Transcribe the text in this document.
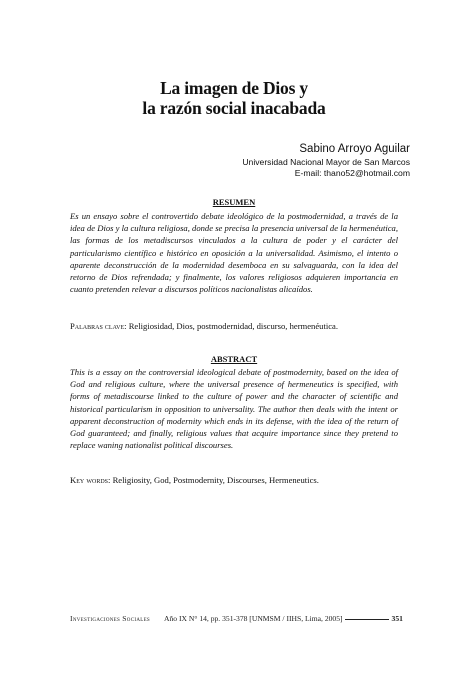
La imagen de Dios y
la razón social inacabada
Sabino Arroyo Aguilar
Universidad Nacional Mayor de San Marcos
E-mail: thano52@hotmail.com
RESUMEN

Es un ensayo sobre el controvertido debate ideológico de la postmodernidad, a través de la idea de Dios y la cultura religiosa, donde se precisa la presencia universal de la hermenéutica, las formas de los metadiscursos vinculados a la cultura de poder y el carácter del particularismo científico e histórico en oposición a la universalidad. Asimismo, el intento o aparente deconstrucción de la modernidad desemboca en su salvaguarda, con la idea del retorno de Dios refrendada; y finalmente, los valores religiosos adquieren importancia en cuanto pretenden relevar a discursos políticos nacionalistas alicaídos.

Palabras clave: Religiosidad, Dios, postmodernidad, discurso, hermenéutica.

ABSTRACT

This is a essay on the controversial ideological debate of postmodernity, based on the idea of God and religious culture, where the universal presence of hermeneutics is specified, with forms of metadiscourse linked to the culture of power and the character of scientific and historical particularism in opposition to universality. The author then deals with the intent or apparent deconstruction of modernity which ends in its defense, with the idea of the return of God guaranteed; and finally, religious values that acquire importance since they pretend to replace waning nationalist political discourses.

Key words: Religiosity, God, Postmodernity, Discourses, Hermeneutics.

Investigaciones Sociales Año IX N° 14, pp. 351-378 [UNMSM / IIHS, Lima, 2005]	351
